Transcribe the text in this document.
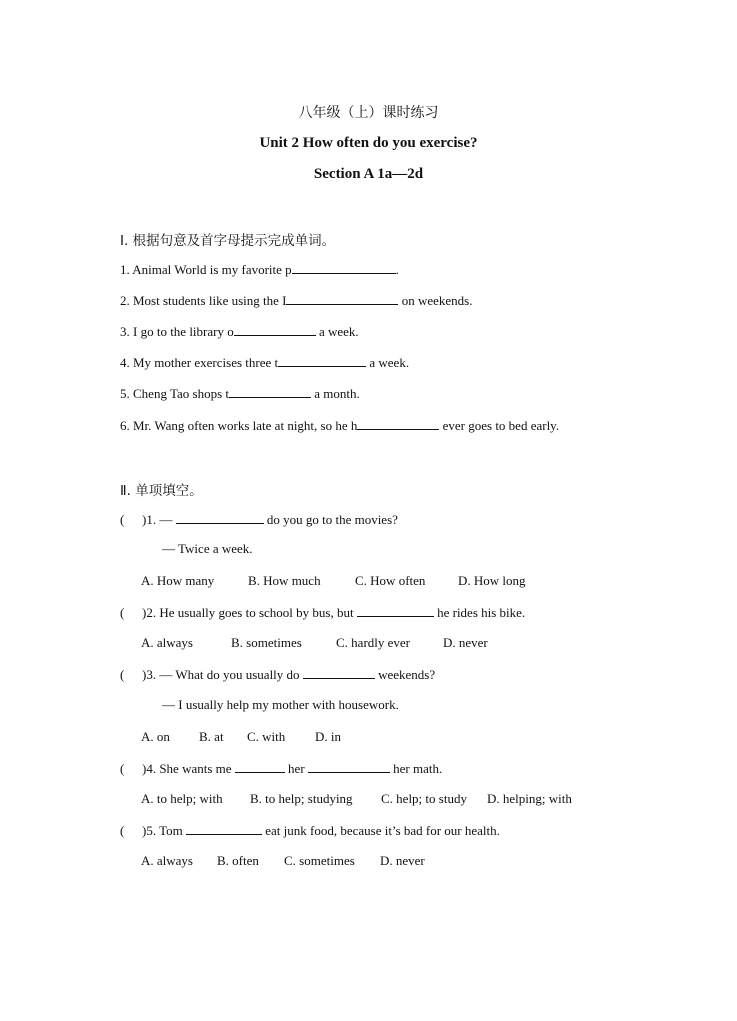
八年级（上）课时练习
Unit 2 How often do you exercise?
Section A 1a—2d
Ⅰ. 根据句意及首字母提示完成单词。
1. Animal World is my favorite p	.
2. Most students like using the I	on weekends.
3. I go to the library o	a week.
4. My mother exercises three t	a week.
5. Cheng Tao shops t	a month.
6. Mr. Wang often works late at night, so he h	ever goes to bed early.
Ⅱ. 单项填空。
( )1. —	do you go to the movies?
— Twice a week.
A. How many	B. How much	C. How often	D. How long
( )2. He usually goes to school by bus, but	he rides his bike.
A. always	B. sometimes	C. hardly ever	D. never
( )3. — What do you usually do	weekends?
— I usually help my mother with housework.
A. on B. at C. with D. in
( )4. She wants me	her	her math.
A. to help; with B. to help; studying C. help; to study D. helping; with
( )5. Tom	eat junk food, because it’s bad for our health.
A. always B. often C. sometimes D. never
